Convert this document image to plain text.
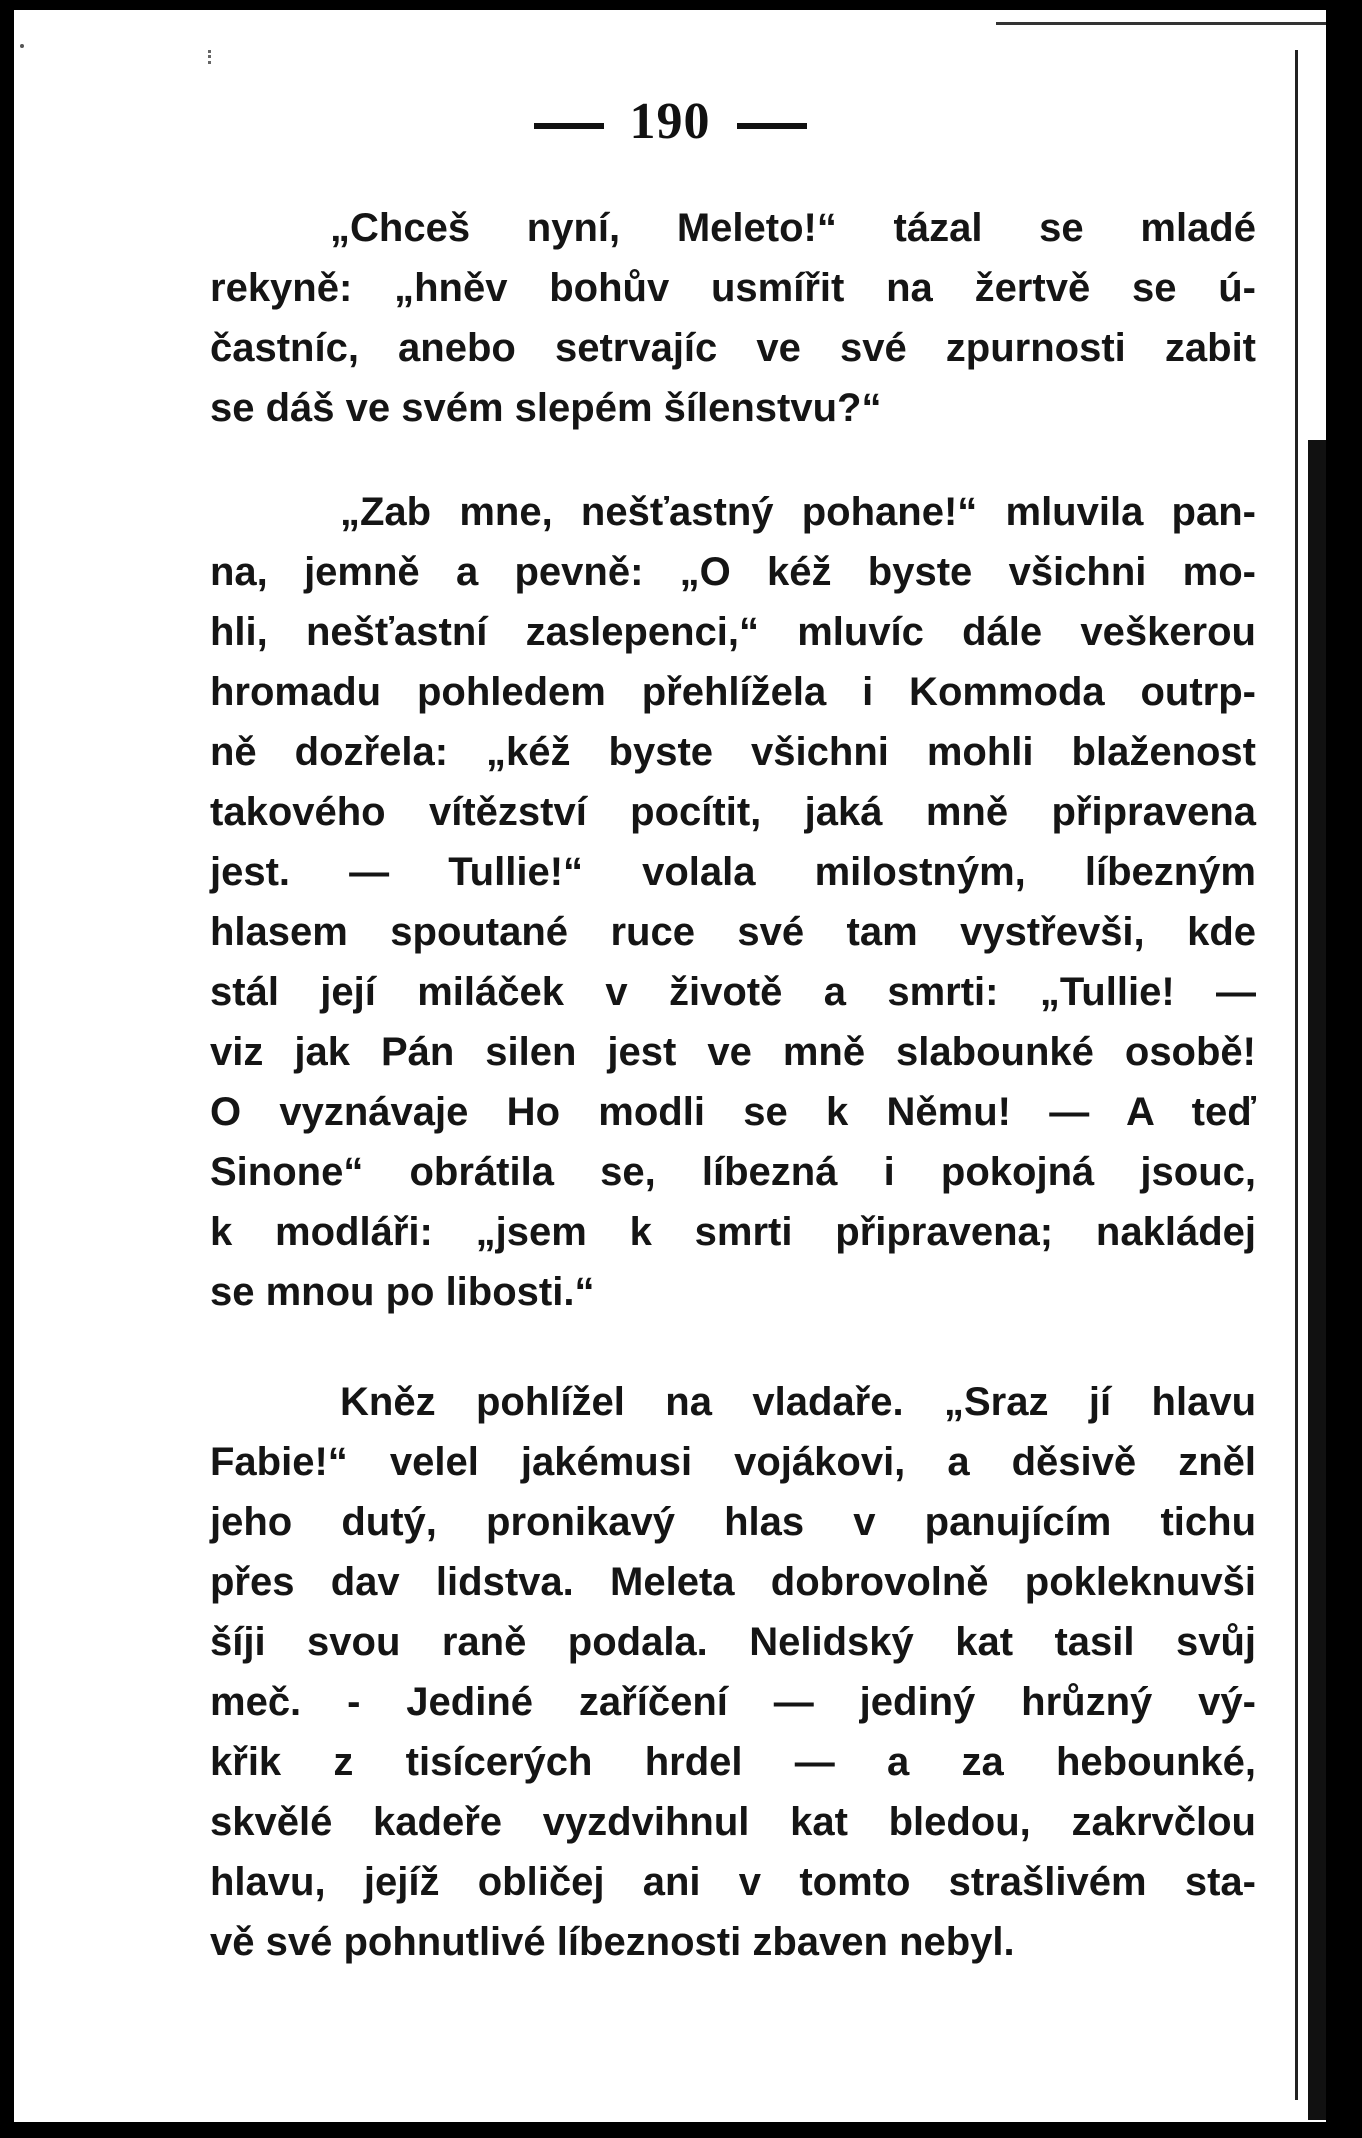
190
„Chceš nyní, Meleto!“ tázal se mladé
rekyně: „hněv bohův usmířit na žertvě se ú-
častníc, anebo setrvajíc ve své zpurnosti zabit
se dáš ve svém slepém šílenstvu?“
„Zab mne, nešťastný pohane!“ mluvila pan-
na, jemně a pevně: „O kéž byste všichni mo-
hli, nešťastní zaslepenci,“ mluvíc dále veškerou
hromadu pohledem přehlížela i Kommoda outrp-
ně dozřela: „kéž byste všichni mohli blaženost
takového vítězství pocítit, jaká mně připravena
jest. — Tullie!“ volala milostným, líbezným
hlasem spoutané ruce své tam vystřevši, kde
stál její miláček v životě a smrti: „Tullie! —
viz jak Pán silen jest ve mně slabounké osobě!
O vyznávaje Ho modli se k Němu! — A teď
Sinone“ obrátila se, líbezná i pokojná jsouc,
k modláři: „jsem k smrti připravena; nakládej
se mnou po libosti.“
Kněz pohlížel na vladaře. „Sraz jí hlavu
Fabie!“ velel jakémusi vojákovi, a děsivě zněl
jeho dutý, pronikavý hlas v panujícím tichu
přes dav lidstva. Meleta dobrovolně pokleknuvši
šíji svou raně podala. Nelidský kat tasil svůj
meč. - Jediné zaříčení — jediný hrůzný vý-
křik z tisícerých hrdel — a za hebounké,
skvělé kadeře vyzdvihnul kat bledou, zakrvčlou
hlavu, jejíž obličej ani v tomto strašlivém sta-
vě své pohnutlivé líbeznosti zbaven nebyl.
